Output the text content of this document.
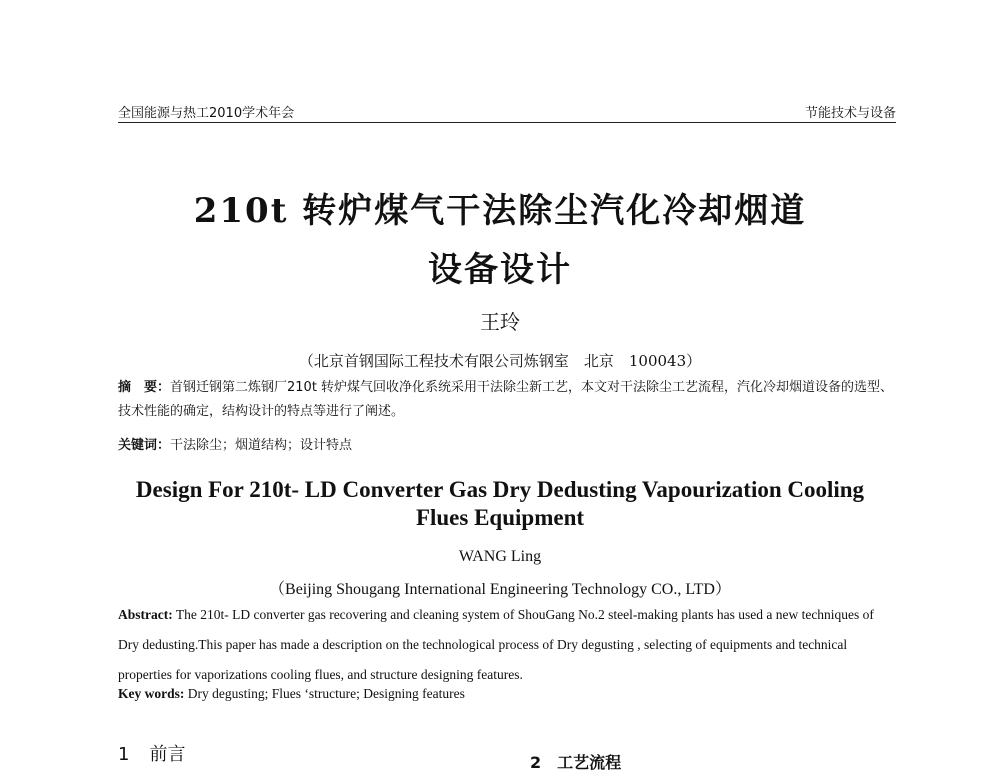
全国能源与热工2010学术年会	节能技术与设备
210t 转炉煤气干法除尘汽化冷却烟道
设备设计
王玲
（北京首钢国际工程技术有限公司炼钢室　北京　100043）
摘　要：首钢迁钢第二炼钢厂210t 转炉煤气回收净化系统采用干法除尘新工艺，本文对干法除尘工艺流程，汽化冷却烟道设备的选型、技术性能的确定，结构设计的特点等进行了阐述。
关键词：干法除尘；烟道结构；设计特点
Design For 210t- LD Converter Gas Dry Dedusting Vapourization Cooling
Flues Equipment
WANG Ling
（Beijing Shougang International Engineering Technology CO., LTD）
Abstract: The 210t- LD converter gas recovering and cleaning system of ShouGang No.2 steel-making plants has used a new techniques of Dry dedusting.This paper has made a description on the technological process of Dry degusting , selecting of equipments and technical properties for vaporizations cooling flues, and structure designing features.
Key words: Dry degusting; Flues ‘structure; Designing features
1 前言	2　工艺流程
